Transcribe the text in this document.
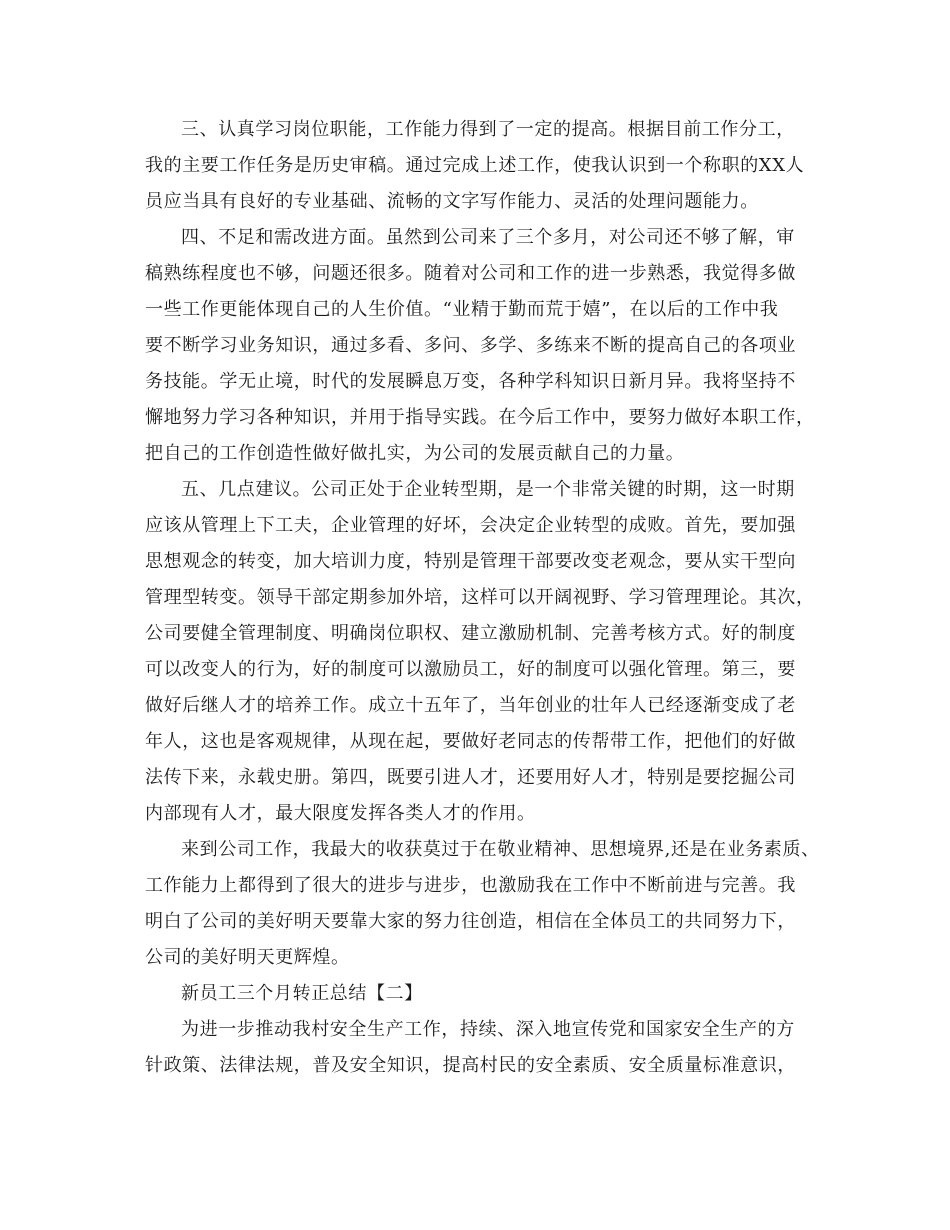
三、认真学习岗位职能，工作能力得到了一定的提高。根据目前工作分工，
我的主要工作任务是历史审稿。通过完成上述工作，使我认识到一个称职的XX人
员应当具有良好的专业基础、流畅的文字写作能力、灵活的处理问题能力。
四、不足和需改进方面。虽然到公司来了三个多月，对公司还不够了解，审
稿熟练程度也不够，问题还很多。随着对公司和工作的进一步熟悉，我觉得多做
一些工作更能体现自己的人生价值。“业精于勤而荒于嬉”，在以后的工作中我
要不断学习业务知识，通过多看、多问、多学、多练来不断的提高自己的各项业
务技能。学无止境，时代的发展瞬息万变，各种学科知识日新月异。我将坚持不
懈地努力学习各种知识，并用于指导实践。在今后工作中，要努力做好本职工作，
把自己的工作创造性做好做扎实，为公司的发展贡献自己的力量。
五、几点建议。公司正处于企业转型期，是一个非常关键的时期，这一时期
应该从管理上下工夫，企业管理的好坏，会决定企业转型的成败。首先，要加强
思想观念的转变，加大培训力度，特别是管理干部要改变老观念，要从实干型向
管理型转变。领导干部定期参加外培，这样可以开阔视野、学习管理理论。其次，
公司要健全管理制度、明确岗位职权、建立激励机制、完善考核方式。好的制度
可以改变人的行为，好的制度可以激励员工，好的制度可以强化管理。第三，要
做好后继人才的培养工作。成立十五年了，当年创业的壮年人已经逐渐变成了老
年人，这也是客观规律，从现在起，要做好老同志的传帮带工作，把他们的好做
法传下来，永载史册。第四，既要引进人才，还要用好人才，特别是要挖掘公司
内部现有人才，最大限度发挥各类人才的作用。
来到公司工作，我最大的收获莫过于在敬业精神、思想境界,还是在业务素质、
工作能力上都得到了很大的进步与进步，也激励我在工作中不断前进与完善。我
明白了公司的美好明天要靠大家的努力往创造，相信在全体员工的共同努力下，
公司的美好明天更辉煌。
新员工三个月转正总结【二】
为进一步推动我村安全生产工作，持续、深入地宣传党和国家安全生产的方
针政策、法律法规，普及安全知识，提高村民的安全素质、安全质量标准意识，
